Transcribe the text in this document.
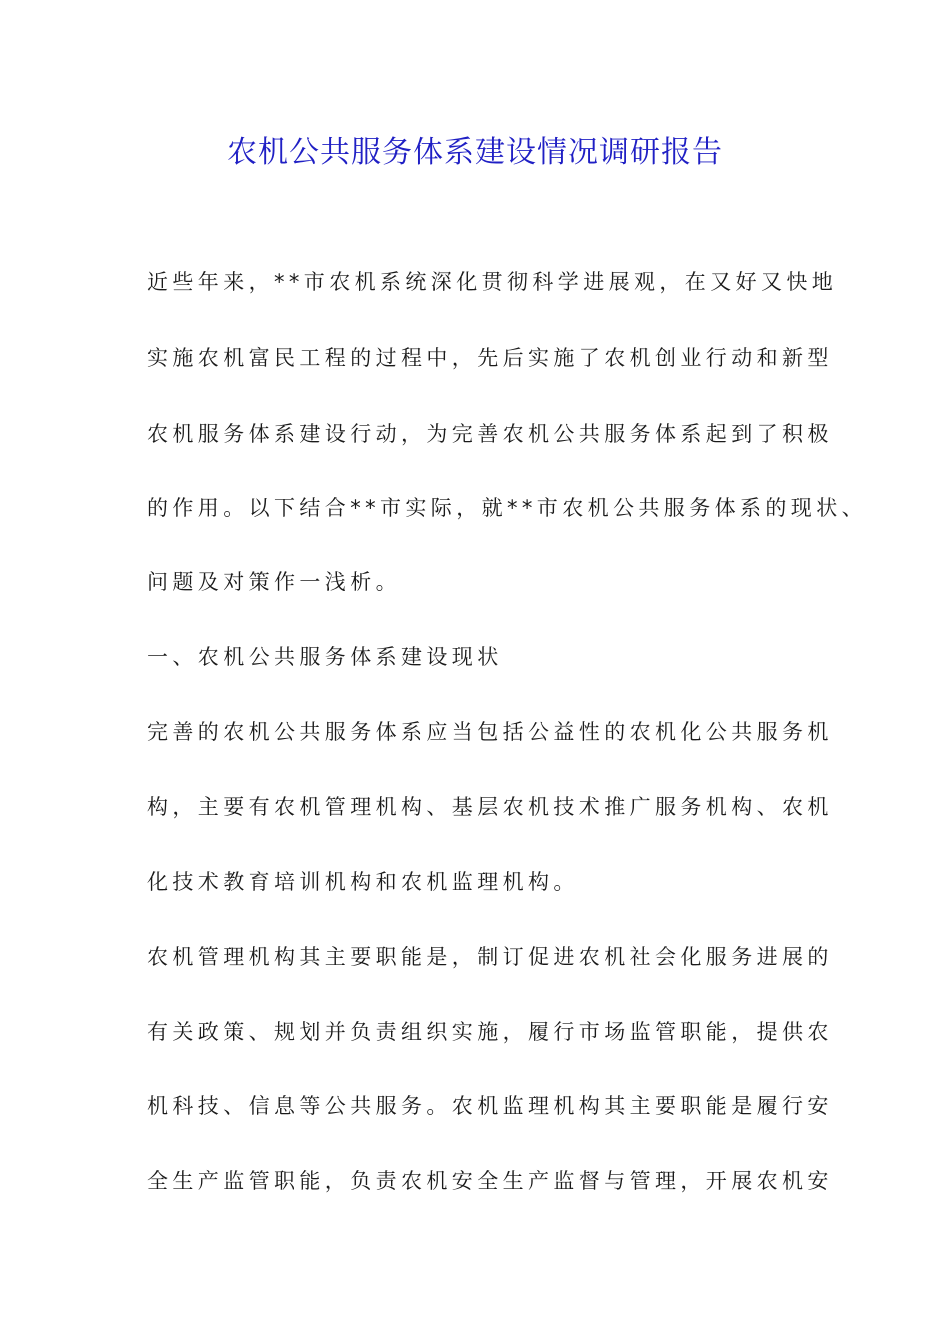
农机公共服务体系建设情况调研报告
近些年来，**市农机系统深化贯彻科学进展观，在又好又快地
实施农机富民工程的过程中，先后实施了农机创业行动和新型
农机服务体系建设行动，为完善农机公共服务体系起到了积极
的作用。以下结合**市实际，就**市农机公共服务体系的现状、
问题及对策作一浅析。
一、农机公共服务体系建设现状
完善的农机公共服务体系应当包括公益性的农机化公共服务机
构，主要有农机管理机构、基层农机技术推广服务机构、农机
化技术教育培训机构和农机监理机构。
农机管理机构其主要职能是，制订促进农机社会化服务进展的
有关政策、规划并负责组织实施，履行市场监管职能，提供农
机科技、信息等公共服务。农机监理机构其主要职能是履行安
全生产监管职能，负责农机安全生产监督与管理，开展农机安
